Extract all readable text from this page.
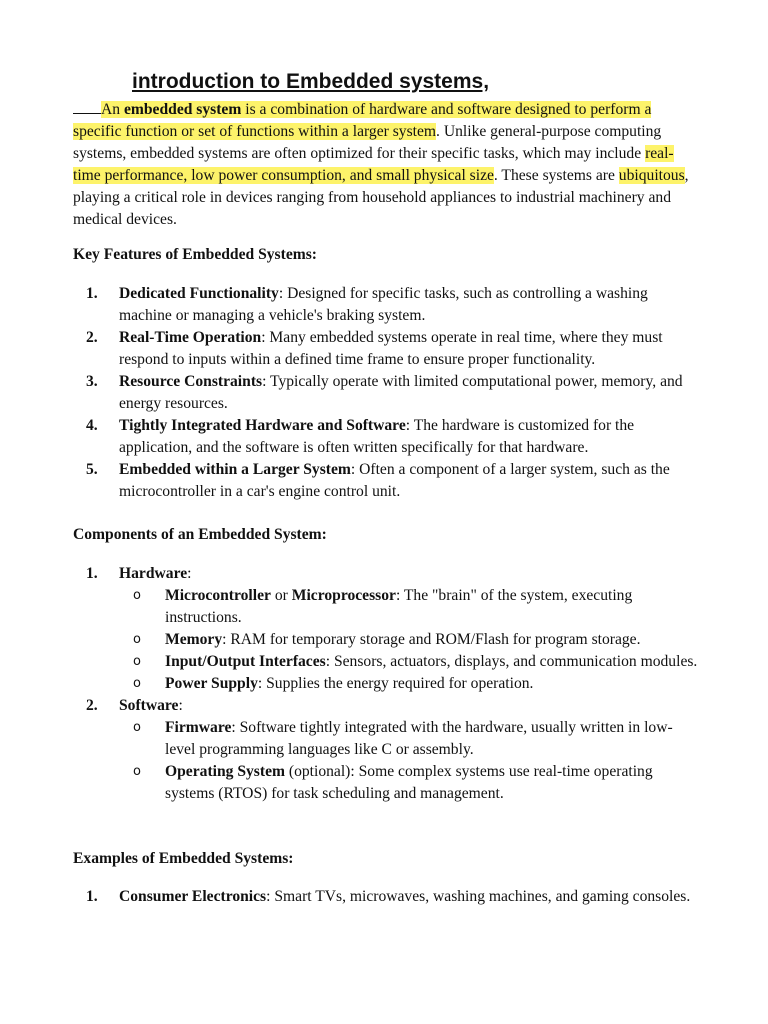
introduction to Embedded systems,

An embedded system is a combination of hardware and software designed to perform a specific function or set of functions within a larger system. Unlike general-purpose computing systems, embedded systems are often optimized for their specific tasks, which may include real-time performance, low power consumption, and small physical size. These systems are ubiquitous, playing a critical role in devices ranging from household appliances to industrial machinery and medical devices.

Key Features of Embedded Systems:
1. Dedicated Functionality: Designed for specific tasks, such as controlling a washing machine or managing a vehicle's braking system.
2. Real-Time Operation: Many embedded systems operate in real time, where they must respond to inputs within a defined time frame to ensure proper functionality.
3. Resource Constraints: Typically operate with limited computational power, memory, and energy resources.
4. Tightly Integrated Hardware and Software: The hardware is customized for the application, and the software is often written specifically for that hardware.
5. Embedded within a Larger System: Often a component of a larger system, such as the microcontroller in a car's engine control unit.
Components of an Embedded System:
1. Hardware:
o Microcontroller or Microprocessor: The "brain" of the system, executing instructions.
o Memory: RAM for temporary storage and ROM/Flash for program storage.
o Input/Output Interfaces: Sensors, actuators, displays, and communication modules.
o Power Supply: Supplies the energy required for operation.
2. Software:
o Firmware: Software tightly integrated with the hardware, usually written in low-level programming languages like C or assembly.
o Operating System (optional): Some complex systems use real-time operating systems (RTOS) for task scheduling and management.
Examples of Embedded Systems:
1. Consumer Electronics: Smart TVs, microwaves, washing machines, and gaming consoles.
